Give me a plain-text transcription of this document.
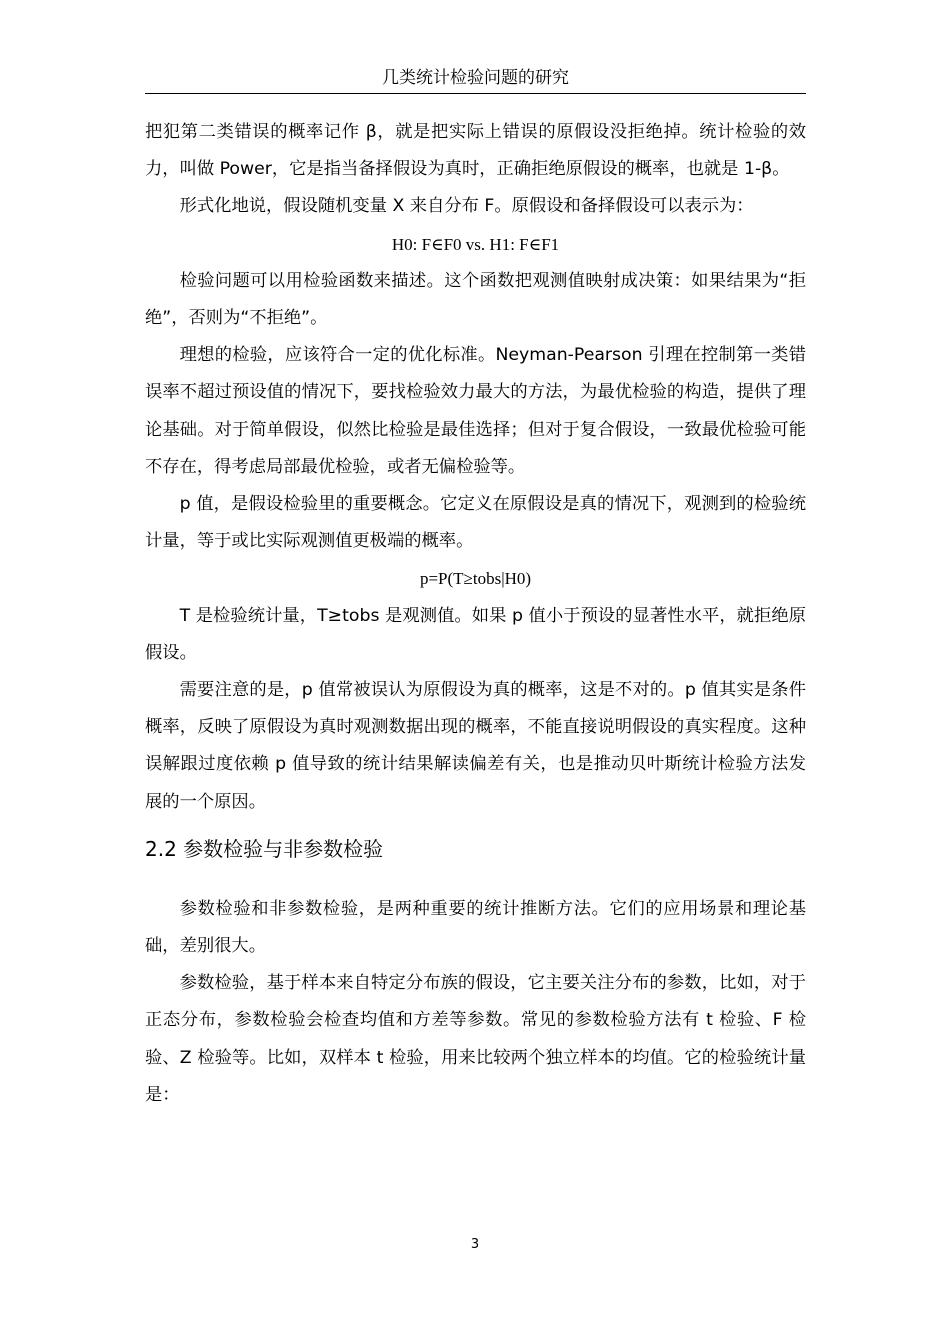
几类统计检验问题的研究

把犯第二类错误的概率记作 β，就是把实际上错误的原假设没拒绝掉。统计检验的效力，叫做 Power，它是指当备择假设为真时，正确拒绝原假设的概率，也就是 1-β。

形式化地说，假设随机变量 X 来自分布 F。原假设和备择假设可以表示为：

H0: F∈F0 vs. H1: F∈F1

检验问题可以用检验函数来描述。这个函数把观测值映射成决策：如果结果为“拒绝”，否则为“不拒绝”。

理想的检验，应该符合一定的优化标准。Neyman-Pearson 引理在控制第一类错误率不超过预设值的情况下，要找检验效力最大的方法，为最优检验的构造，提供了理论基础。对于简单假设，似然比检验是最佳选择；但对于复合假设，一致最优检验可能不存在，得考虑局部最优检验，或者无偏检验等。

p 值，是假设检验里的重要概念。它定义在原假设是真的情况下，观测到的检验统计量，等于或比实际观测值更极端的概率。

p=P(T≥tobs|H0)

T 是检验统计量，T≥tobs 是观测值。如果 p 值小于预设的显著性水平，就拒绝原假设。

需要注意的是，p 值常被误认为原假设为真的概率，这是不对的。p 值其实是条件概率，反映了原假设为真时观测数据出现的概率，不能直接说明假设的真实程度。这种误解跟过度依赖 p 值导致的统计结果解读偏差有关，也是推动贝叶斯统计检验方法发展的一个原因。

2.2 参数检验与非参数检验

参数检验和非参数检验，是两种重要的统计推断方法。它们的应用场景和理论基础，差别很大。

参数检验，基于样本来自特定分布族的假设，它主要关注分布的参数，比如，对于正态分布，参数检验会检查均值和方差等参数。常见的参数检验方法有 t 检验、F 检验、Z 检验等。比如，双样本 t 检验，用来比较两个独立样本的均值。它的检验统计量是：

3
